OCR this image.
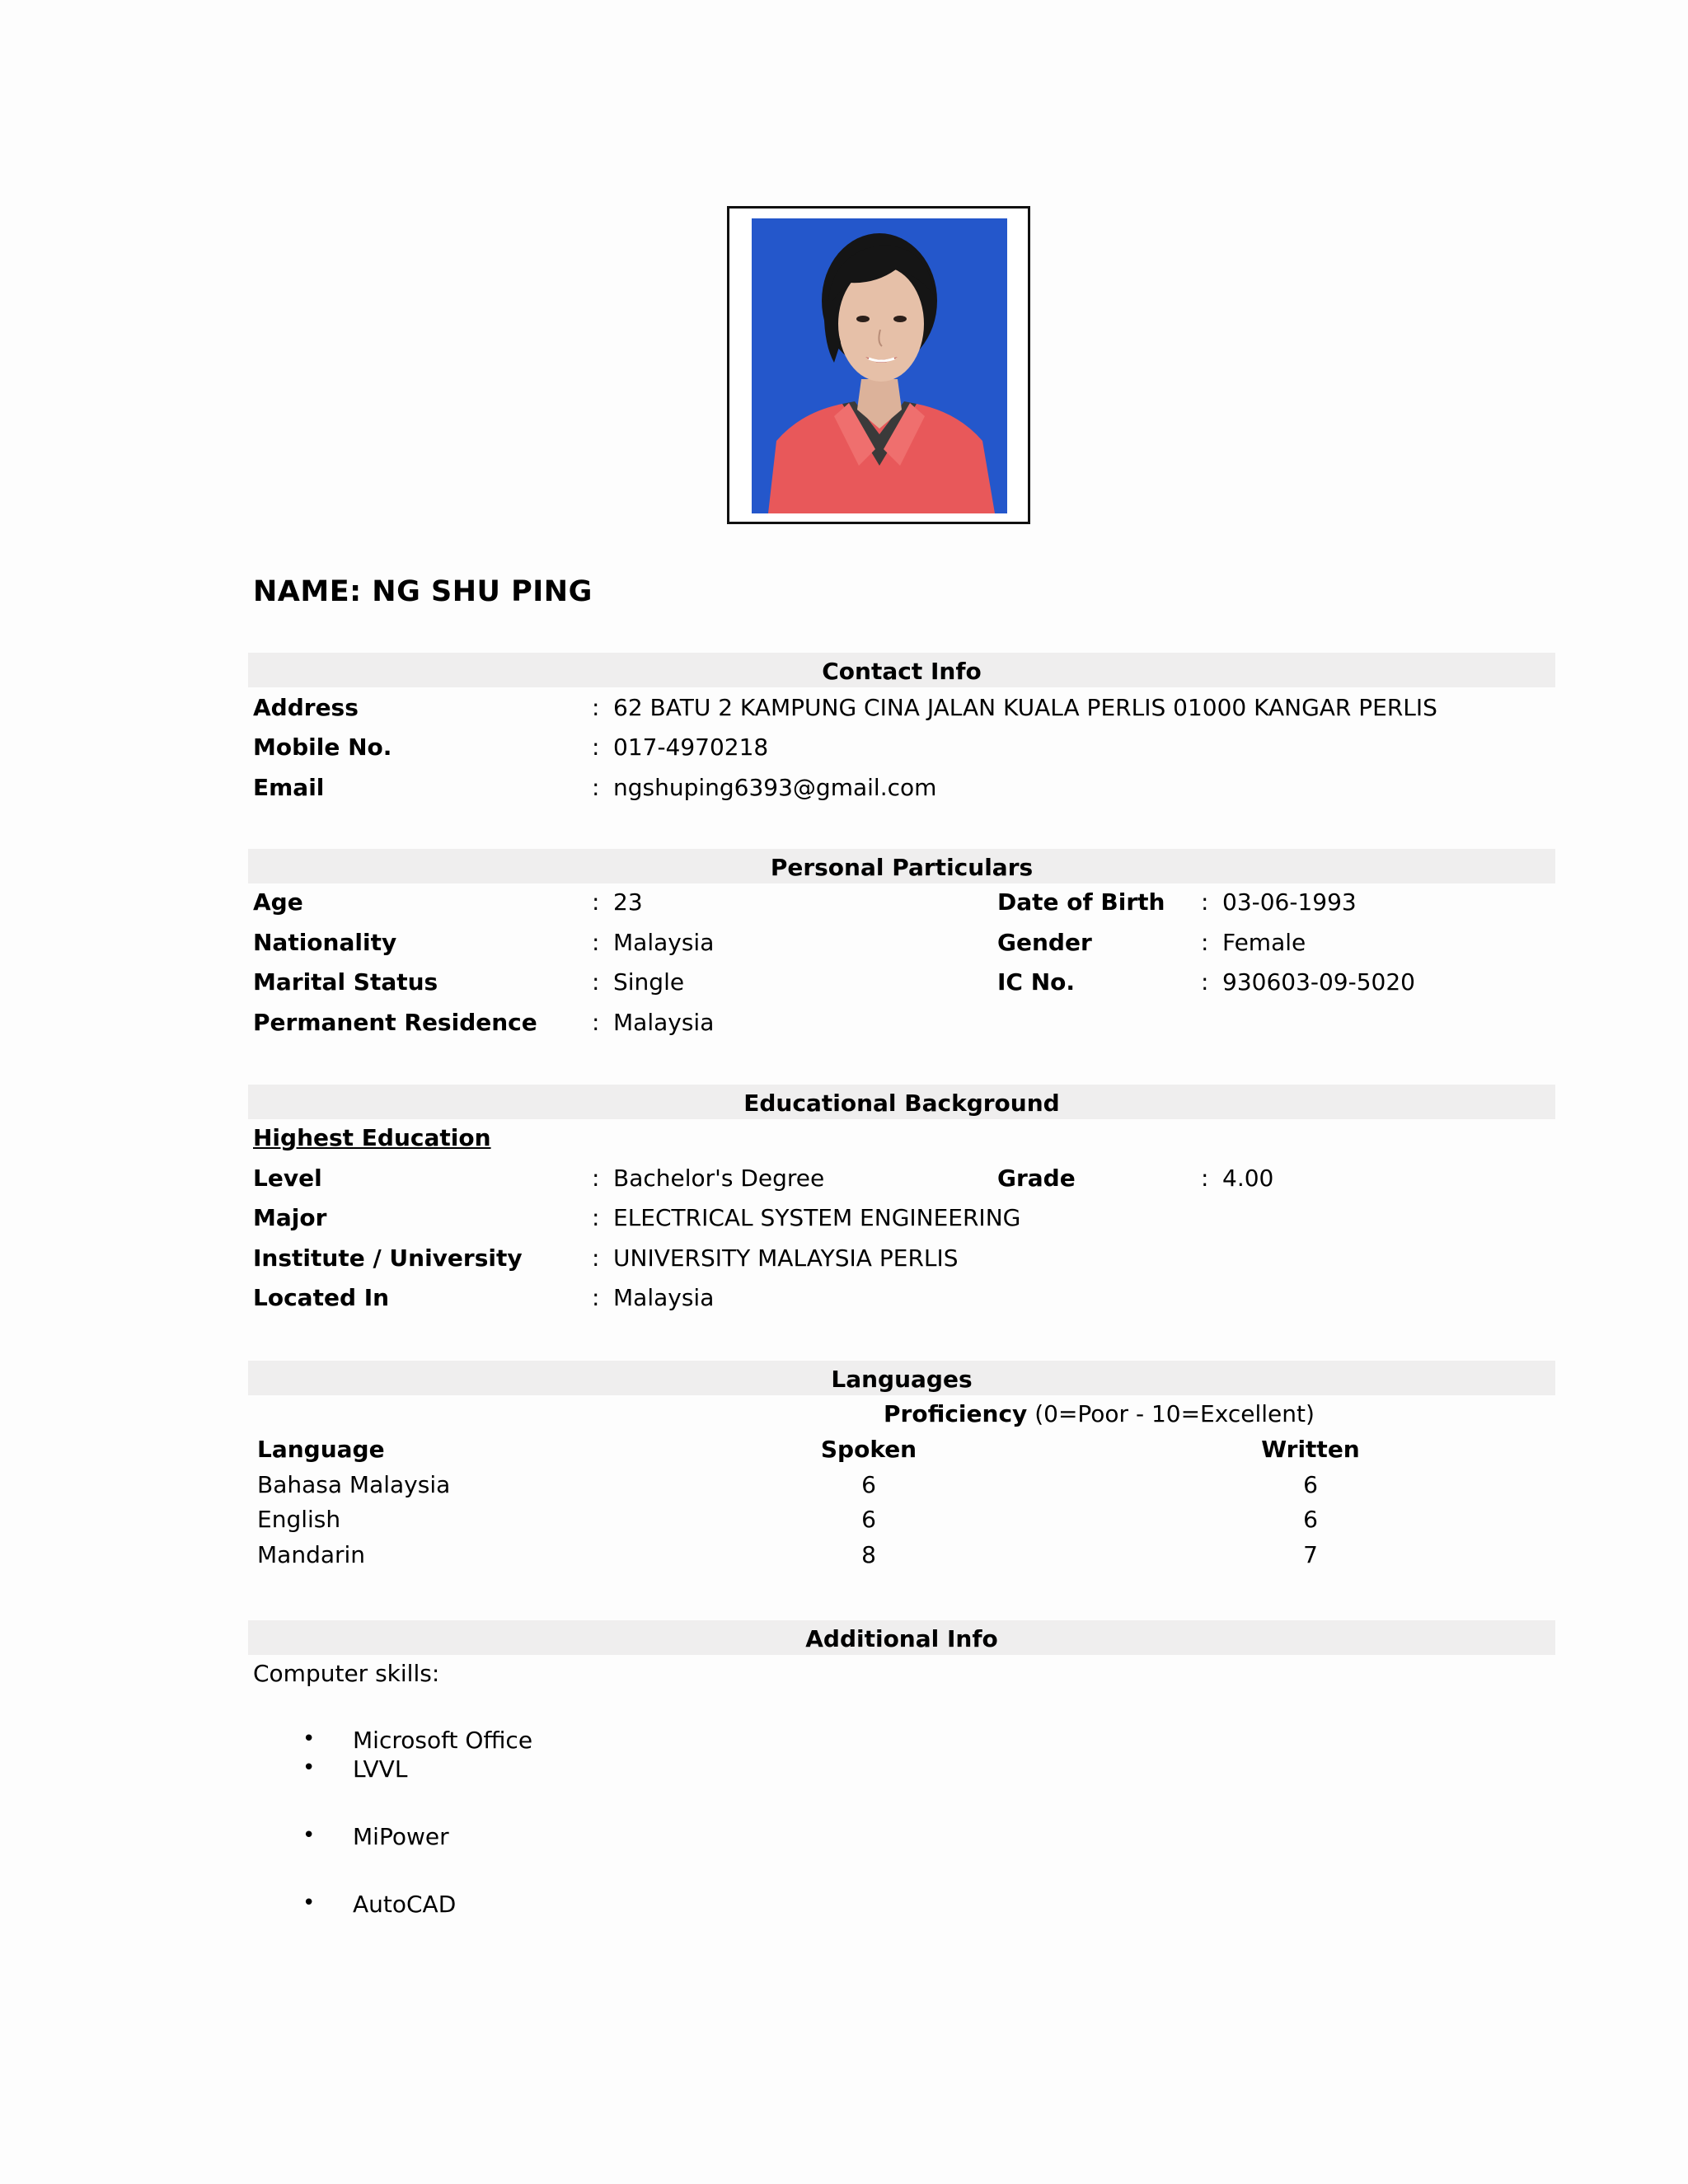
NAME: NG SHU PING
Contact Info
Address	: 62 BATU 2 KAMPUNG CINA JALAN KUALA PERLIS 01000 KANGAR PERLIS
Mobile No.	: 017-4970218
Email	: ngshuping6393@gmail.com
Personal Particulars
Age	: 23	Date of Birth : 03-06-1993
Nationality	: Malaysia	Gender	: Female
Marital Status	: Single	IC No.	: 930603-09-5020
Permanent Residence : Malaysia
Educational Background
Highest Education
Level	: Bachelor's Degree	Grade	: 4.00
Major	: ELECTRICAL SYSTEM ENGINEERING
Institute / University	: UNIVERSITY MALAYSIA PERLIS
Located In	: Malaysia
Languages
Proficiency (0=Poor - 10=Excellent)
Language	Spoken	Written
Bahasa Malaysia	6	6
English	6	6
Mandarin	8	7
Additional Info
Computer skills:
• Microsoft Office
• LVVL
• MiPower
• AutoCAD
